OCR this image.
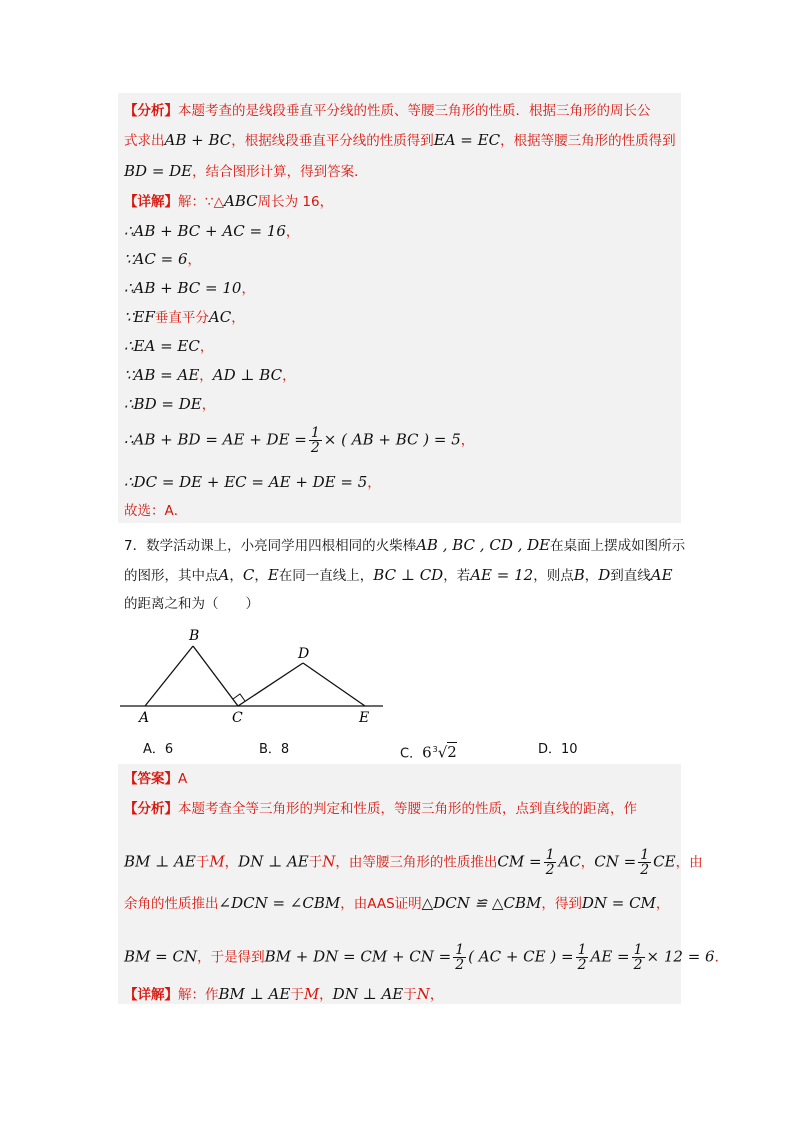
【分析】本题考查的是线段垂直平分线的性质、等腰三角形的性质．根据三角形的周长公
式求出AB + BC，根据线段垂直平分线的性质得到EA = EC，根据等腰三角形的性质得到
BD = DE，结合图形计算，得到答案．
【详解】解：∵△ABC周长为 16，
∴AB + BC + AC = 16，
∵AC = 6，
∴AB + BC = 10，
∵EF垂直平分AC，
∴EA = EC，
∵AB = AE，AD ⊥ BC，
∴BD = DE，
∴AB + BD = AE + DE = $\frac{1}{2}$ × ( AB + BC ) = 5，
∴DC = DE + EC = AE + DE = 5，
故选：A．
7．数学活动课上，小亮同学用四根相同的火柴棒AB , BC , CD , DE在桌面上摆成如图所示
的图形，其中点A，C，E在同一直线上，BC ⊥ CD，若AE = 12，则点B，D到直线AE
的距离之和为（　　）
B
D
A	C	E
A．6	B．8	C．$6^3√2$	D．10
【答案】A
【分析】本题考查全等三角形的判定和性质，等腰三角形的性质，点到直线的距离，作
BM ⊥ AE于M，DN ⊥ AE于N，由等腰三角形的性质推出CM = $\frac{1}{2}$ AC，CN = $\frac{1}{2}$ CE，由
余角的性质推出∠DCN = ∠CBM，由AAS证明△DCN ≌ △CBM，得到DN = CM，
BM = CN，于是得到BM + DN = CM + CN = $\frac{1}{2}$ ( AC + CE ) = $\frac{1}{2}$ AE = $\frac{1}{2} \times 12 = 6$．
【详解】解：作BM ⊥ AE于M，DN ⊥ AE于N，
